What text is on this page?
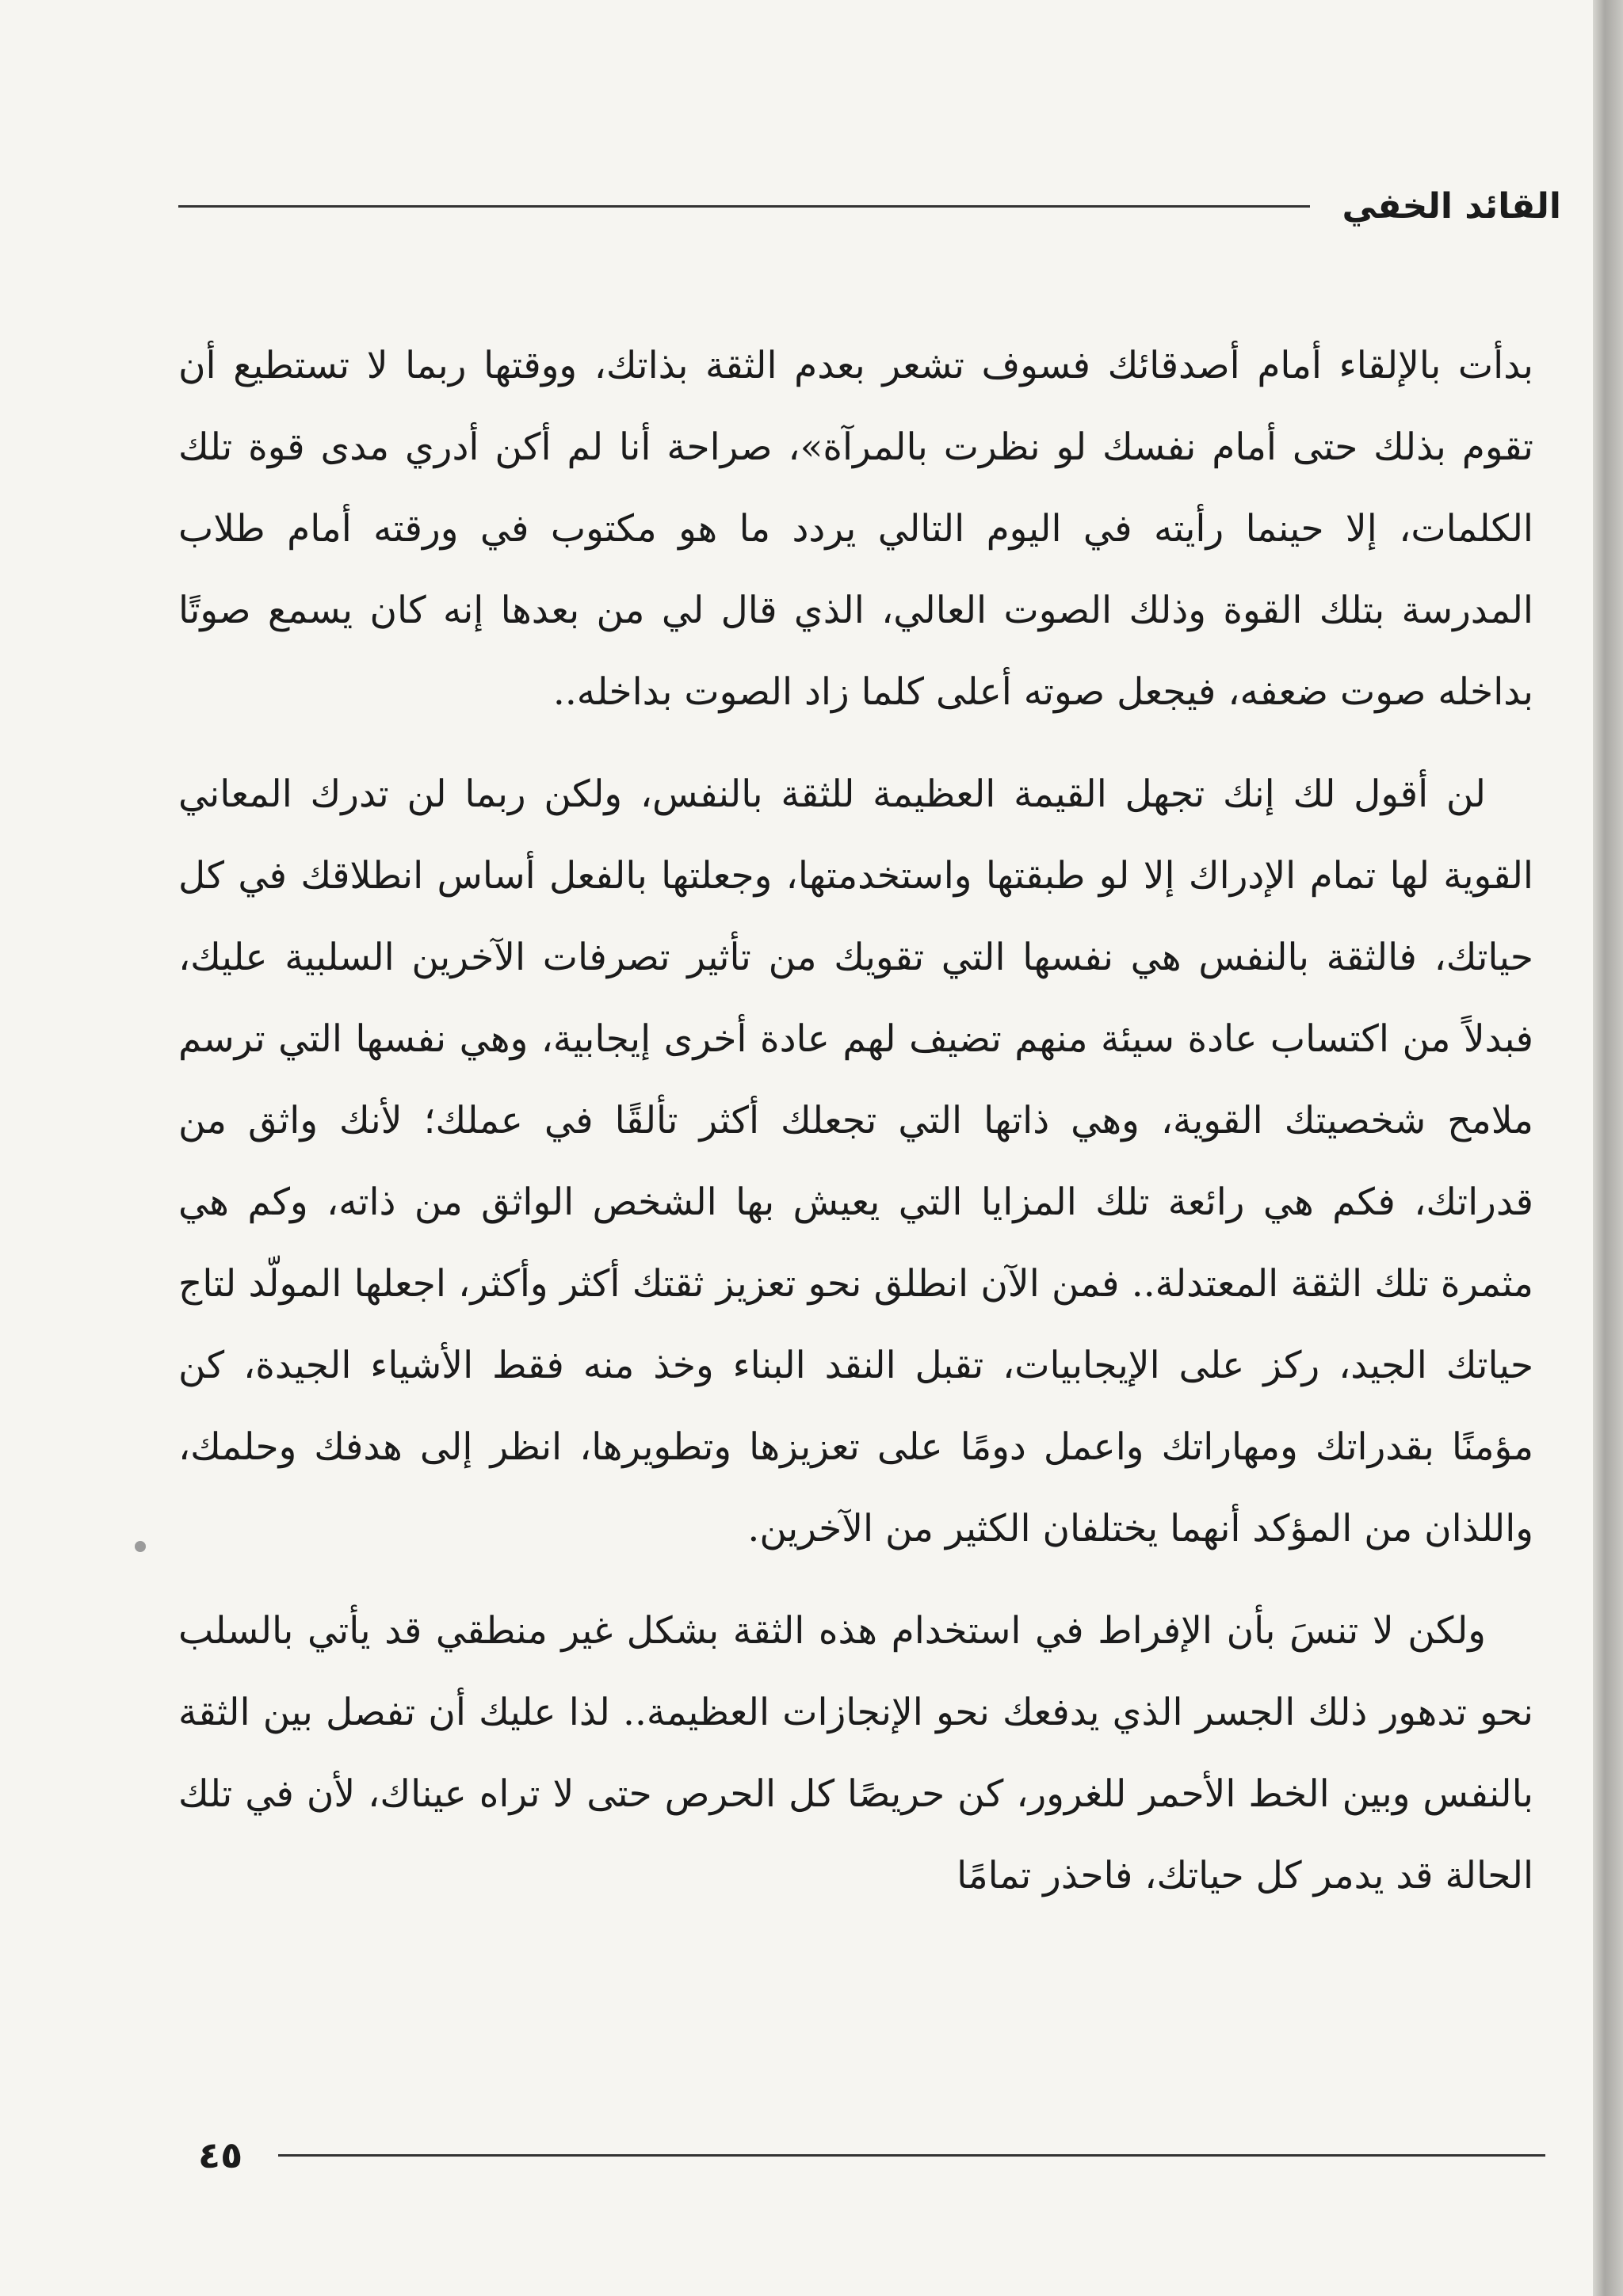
القائد الخفي

بدأت بالإلقاء أمام أصدقائك فسوف تشعر بعدم الثقة بذاتك، ووقتها ربما لا تستطيع أن تقوم بذلك حتى أمام نفسك لو نظرت بالمرآة»، صراحة أنا لم أكن أدري مدى قوة تلك الكلمات، إلا حينما رأيته في اليوم التالي يردد ما هو مكتوب في ورقته أمام طلاب المدرسة بتلك القوة وذلك الصوت العالي، الذي قال لي من بعدها إنه كان يسمع صوتًا بداخله صوت ضعفه، فيجعل صوته أعلى كلما زاد الصوت بداخله..

لن أقول لك إنك تجهل القيمة العظيمة للثقة بالنفس، ولكن ربما لن تدرك المعاني القوية لها تمام الإدراك إلا لو طبقتها واستخدمتها، وجعلتها بالفعل أساس انطلاقك في كل حياتك، فالثقة بالنفس هي نفسها التي تقويك من تأثير تصرفات الآخرين السلبية عليك، فبدلاً من اكتساب عادة سيئة منهم تضيف لهم عادة أخرى إيجابية، وهي نفسها التي ترسم ملامح شخصيتك القوية، وهي ذاتها التي تجعلك أكثر تألقًا في عملك؛ لأنك واثق من قدراتك، فكم هي رائعة تلك المزايا التي يعيش بها الشخص الواثق من ذاته، وكم هي مثمرة تلك الثقة المعتدلة.. فمن الآن انطلق نحو تعزيز ثقتك أكثر وأكثر، اجعلها المولّد لتاج حياتك الجيد، ركز على الإيجابيات، تقبل النقد البناء وخذ منه فقط الأشياء الجيدة، كن مؤمنًا بقدراتك ومهاراتك واعمل دومًا على تعزيزها وتطويرها، انظر إلى هدفك وحلمك، واللذان من المؤكد أنهما يختلفان الكثير من الآخرين.

ولكن لا تنسَ بأن الإفراط في استخدام هذه الثقة بشكل غير منطقي قد يأتي بالسلب نحو تدهور ذلك الجسر الذي يدفعك نحو الإنجازات العظيمة.. لذا عليك أن تفصل بين الثقة بالنفس وبين الخط الأحمر للغرور، كن حريصًا كل الحرص حتى لا تراه عيناك، لأن في تلك الحالة قد يدمر كل حياتك، فاحذر تمامًا

٤٥
